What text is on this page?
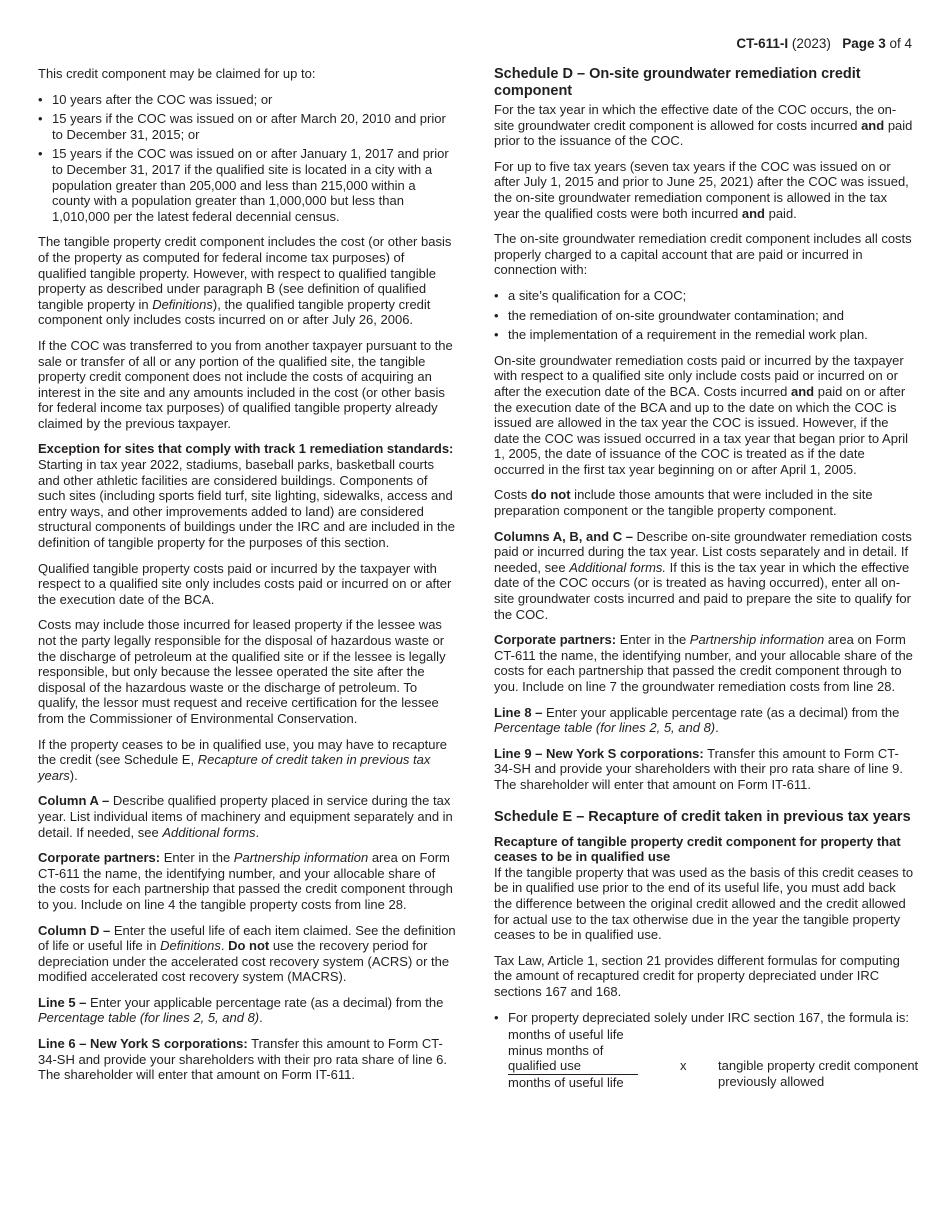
CT-611-I (2023) Page 3 of 4

This credit component may be claimed for up to:

• 10 years after the COC was issued; or
• 15 years if the COC was issued on or after March 20, 2010 and prior to December 31, 2015; or
• 15 years if the COC was issued on or after January 1, 2017 and prior to December 31, 2017 if the qualified site is located in a city with a population greater than 205,000 and less than 215,000 within a county with a population greater than 1,000,000 but less than 1,010,000 per the latest federal decennial census.

The tangible property credit component includes the cost (or other basis of the property as computed for federal income tax purposes) of qualified tangible property. However, with respect to qualified tangible property as described under paragraph B (see definition of qualified tangible property in Definitions), the qualified tangible property credit component only includes costs incurred on or after July 26, 2006.

If the COC was transferred to you from another taxpayer pursuant to the sale or transfer of all or any portion of the qualified site, the tangible property credit component does not include the costs of acquiring an interest in the site and any amounts included in the cost (or other basis for federal income tax purposes) of qualified tangible property already claimed by the previous taxpayer.

Exception for sites that comply with track 1 remediation standards: Starting in tax year 2022, stadiums, baseball parks, basketball courts and other athletic facilities are considered buildings. Components of such sites (including sports field turf, site lighting, sidewalks, access and entry ways, and other improvements added to land) are considered structural components of buildings under the IRC and are included in the definition of tangible property for the purposes of this section.

Qualified tangible property costs paid or incurred by the taxpayer with respect to a qualified site only includes costs paid or incurred on or after the execution date of the BCA.

Costs may include those incurred for leased property if the lessee was not the party legally responsible for the disposal of hazardous waste or the discharge of petroleum at the qualified site or if the lessee is legally responsible, but only because the lessee operated the site after the disposal of the hazardous waste or the discharge of petroleum. To qualify, the lessor must request and receive certification for the lessee from the Commissioner of Environmental Conservation.

If the property ceases to be in qualified use, you may have to recapture the credit (see Schedule E, Recapture of credit taken in previous tax years).

Column A – Describe qualified property placed in service during the tax year. List individual items of machinery and equipment separately and in detail. If needed, see Additional forms.

Corporate partners: Enter in the Partnership information area on Form CT-611 the name, the identifying number, and your allocable share of the costs for each partnership that passed the credit component through to you. Include on line 4 the tangible property costs from line 28.

Column D – Enter the useful life of each item claimed. See the definition of life or useful life in Definitions. Do not use the recovery period for depreciation under the accelerated cost recovery system (ACRS) or the modified accelerated cost recovery system (MACRS).

Line 5 – Enter your applicable percentage rate (as a decimal) from the Percentage table (for lines 2, 5, and 8).

Line 6 – New York S corporations: Transfer this amount to Form CT-34-SH and provide your shareholders with their pro rata share of line 6. The shareholder will enter that amount on Form IT-611.

Schedule D – On-site groundwater remediation credit component

For the tax year in which the effective date of the COC occurs, the on-site groundwater credit component is allowed for costs incurred and paid prior to the issuance of the COC.

For up to five tax years (seven tax years if the COC was issued on or after July 1, 2015 and prior to June 25, 2021) after the COC was issued, the on-site groundwater remediation component is allowed in the tax year the qualified costs were both incurred and paid.

The on-site groundwater remediation credit component includes all costs properly charged to a capital account that are paid or incurred in connection with:

• a site’s qualification for a COC;
• the remediation of on-site groundwater contamination; and
• the implementation of a requirement in the remedial work plan.

On-site groundwater remediation costs paid or incurred by the taxpayer with respect to a qualified site only include costs paid or incurred on or after the execution date of the BCA. Costs incurred and paid on or after the execution date of the BCA and up to the date on which the COC is issued are allowed in the tax year the COC is issued. However, if the date the COC was issued occurred in a tax year that began prior to April 1, 2005, the date of issuance of the COC is treated as if the date occurred in the first tax year beginning on or after April 1, 2005.

Costs do not include those amounts that were included in the site preparation component or the tangible property component.

Columns A, B, and C – Describe on-site groundwater remediation costs paid or incurred during the tax year. List costs separately and in detail. If needed, see Additional forms. If this is the tax year in which the effective date of the COC occurs (or is treated as having occurred), enter all on-site groundwater costs incurred and paid to prepare the site to qualify for the COC.

Corporate partners: Enter in the Partnership information area on Form CT-611 the name, the identifying number, and your allocable share of the costs for each partnership that passed the credit component through to you. Include on line 7 the groundwater remediation costs from line 28.

Line 8 – Enter your applicable percentage rate (as a decimal) from the Percentage table (for lines 2, 5, and 8).

Line 9 – New York S corporations: Transfer this amount to Form CT-34-SH and provide your shareholders with their pro rata share of line 9. The shareholder will enter that amount on Form IT-611.

Schedule E – Recapture of credit taken in previous tax years
Recapture of tangible property credit component for property that ceases to be in qualified use

If the tangible property that was used as the basis of this credit ceases to be in qualified use prior to the end of its useful life, you must add back the difference between the original credit allowed and the credit allowed for actual use to the tax otherwise due in the year the tangible property ceases to be in qualified use.

Tax Law, Article 1, section 21 provides different formulas for computing the amount of recaptured credit for property depreciated under IRC sections 167 and 168.

• For property depreciated solely under IRC section 167, the formula is:
months of useful life minus months of qualified use
months of useful life
x tangible property credit component previously allowed
